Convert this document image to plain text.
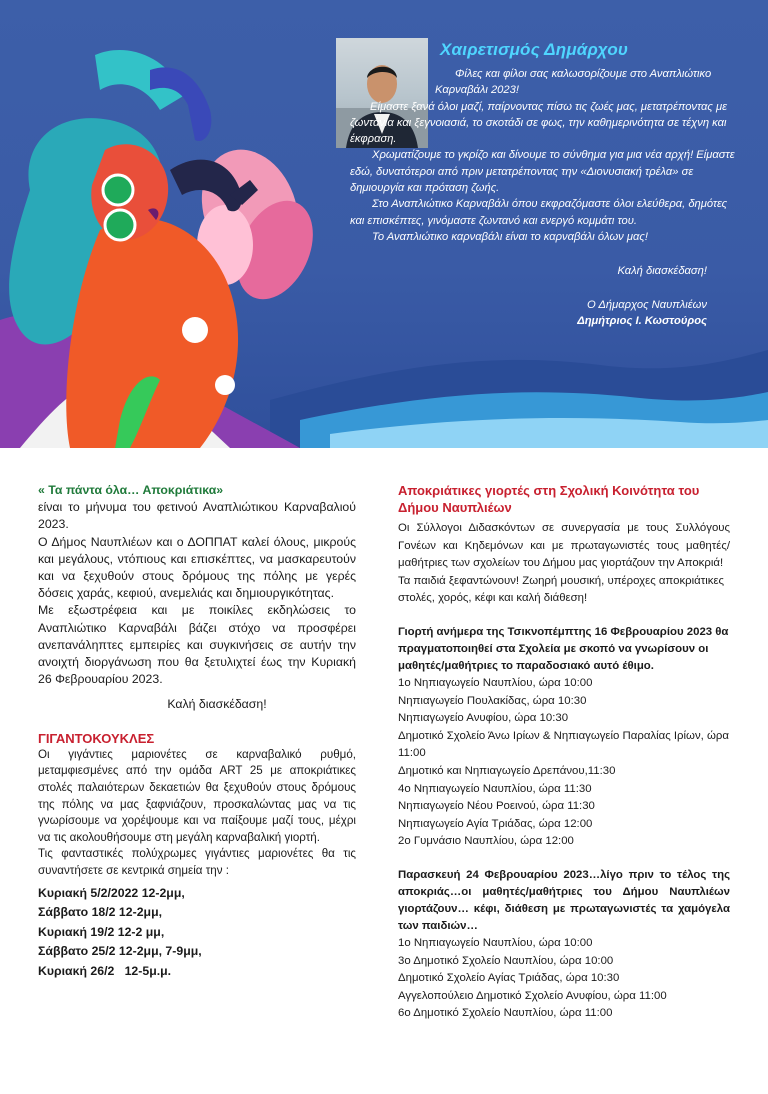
Χαιρετισμός Δημάρχου

Φίλες και φίλοι σας καλωσορίζουμε στο Αναπλιώτικο Καρναβάλι 2023!

Είμαστε ξανά όλοι μαζί, παίρνοντας πίσω τις ζωές μας, μετατρέποντας με ζωντάνια και ξεγνοιασιά, το σκοτάδι σε φως, την καθημερινότητα σε τέχνη και έκφραση.

Χρωματίζουμε το γκρίζο και δίνουμε το σύνθημα για μια νέα αρχή! Είμαστε εδώ, δυνατότεροι από πριν μετατρέποντας την «Διονυσιακή τρέλα» σε δημιουργία και πρόταση ζωής.

Στο Αναπλιώτικο Καρναβάλι όπου εκφραζόμαστε όλοι ελεύθερα, δημότες και επισκέπτες, γινόμαστε ζωντανό και ενεργό κομμάτι του.

Το Αναπλιώτικο καρναβάλι είναι το καρναβάλι όλων μας!

Καλή διασκέδαση!
Ο Δήμαρχος Ναυπλιέων
Δημήτριος Ι. Κωστούρος

« Τα πάντα όλα… Αποκριάτικα»

είναι το μήνυμα του φετινού Αναπλιώτικου Καρναβαλιού 2023.

Ο Δήμος Ναυπλιέων και ο ΔΟΠΠΑΤ καλεί όλους, μικρούς και μεγάλους, ντόπιους και επισκέπτες, να μασκαρευτούν και να ξεχυθούν στους δρόμους της πόλης με γερές δόσεις χαράς, κεφιού, ανεμελιάς και δημιουργικότητας.

Με εξωστρέφεια και με ποικίλες εκδηλώσεις το Αναπλιώτικο Καρναβάλι βάζει στόχο να προσφέρει ανεπανάληπτες εμπειρίες και συγκινήσεις σε αυτήν την ανοιχτή διοργάνωση που θα ξετυλιχτεί έως την Κυριακή 26 Φεβρουαρίου 2023.

Καλή διασκέδαση!

ΓΙΓΑΝΤΟΚΟΥΚΛΕΣ

Οι γιγάντιες μαριονέτες σε καρναβαλικό ρυθμό, μεταμφιεσμένες από την ομάδα ART 25 με αποκριάτικες στολές παλαιότερων δεκαετιών θα ξεχυθούν στους δρόμους της πόλης να μας ξαφνιάζουν, προσκαλώντας μας να τις γνωρίσουμε να χορέψουμε και να παίξουμε μαζί τους, μέχρι να τις ακολουθήσουμε στη μεγάλη καρναβαλική γιορτή.

Τις φανταστικές πολύχρωμες γιγάντιες μαριονέτες θα τις συναντήσετε σε κεντρικά σημεία την :

Κυριακή 5/2/2022 12-2μμ,

Σάββατο 18/2 12-2μμ,

Κυριακή 19/2 12-2 μμ,

Σάββατο 25/2 12-2μμ, 7-9μμ,

Κυριακή 26/2   12-5μ.μ.

Αποκριάτικες γιορτές στη Σχολική Κοινότητα του Δήμου Ναυπλιέων

Οι Σύλλογοι Διδασκόντων σε συνεργασία με τους Συλλόγους Γονέων και Κηδεμόνων και με πρωταγωνιστές τους μαθητές/μαθήτριες των σχολείων του Δήμου μας γιορτάζουν την Αποκριά!

Τα παιδιά ξεφαντώνουν! Ζωηρή μουσική, υπέροχες αποκριάτικες στολές, χορός, κέφι και καλή διάθεση!

Γιορτή ανήμερα της Τσικνοπέμπτης 16 Φεβρουαρίου 2023 θα πραγματοποιηθεί στα Σχολεία με σκοπό να γνωρίσουν οι μαθητές/μαθήτριες το παραδοσιακό αυτό έθιμο.

1ο Νηπιαγωγείο Ναυπλίου, ώρα 10:00

Νηπιαγωγείο Πουλακίδας, ώρα 10:30

Νηπιαγωγείο Ανυφίου, ώρα 10:30

Δημοτικό Σχολείο Άνω Ιρίων & Νηπιαγωγείο Παραλίας Ιρίων, ώρα 11:00

Δημοτικό και Νηπιαγωγείο Δρεπάνου,11:30

4ο Νηπιαγωγείο Ναυπλίου, ώρα 11:30

Νηπιαγωγείο Νέου Ροεινού, ώρα 11:30

Νηπιαγωγείο Αγία Τριάδας, ώρα 12:00

2ο Γυμνάσιο Ναυπλίου, ώρα 12:00

Παρασκευή 24 Φεβρουαρίου 2023…λίγο πριν το τέλος της αποκριάς…οι μαθητές/μαθήτριες του Δήμου Ναυπλιέων γιορτάζουν… κέφι, διάθεση με πρωταγωνιστές τα χαμόγελα των παιδιών…

1ο Νηπιαγωγείο Ναυπλίου, ώρα 10:00

3ο Δημοτικό Σχολείο Ναυπλίου, ώρα 10:00

Δημοτικό Σχολείο Αγίας Τριάδας, ώρα 10:30

Αγγελοπούλειο Δημοτικό Σχολείο Ανυφίου, ώρα 11:00

6ο Δημοτικό Σχολείο Ναυπλίου, ώρα 11:00
